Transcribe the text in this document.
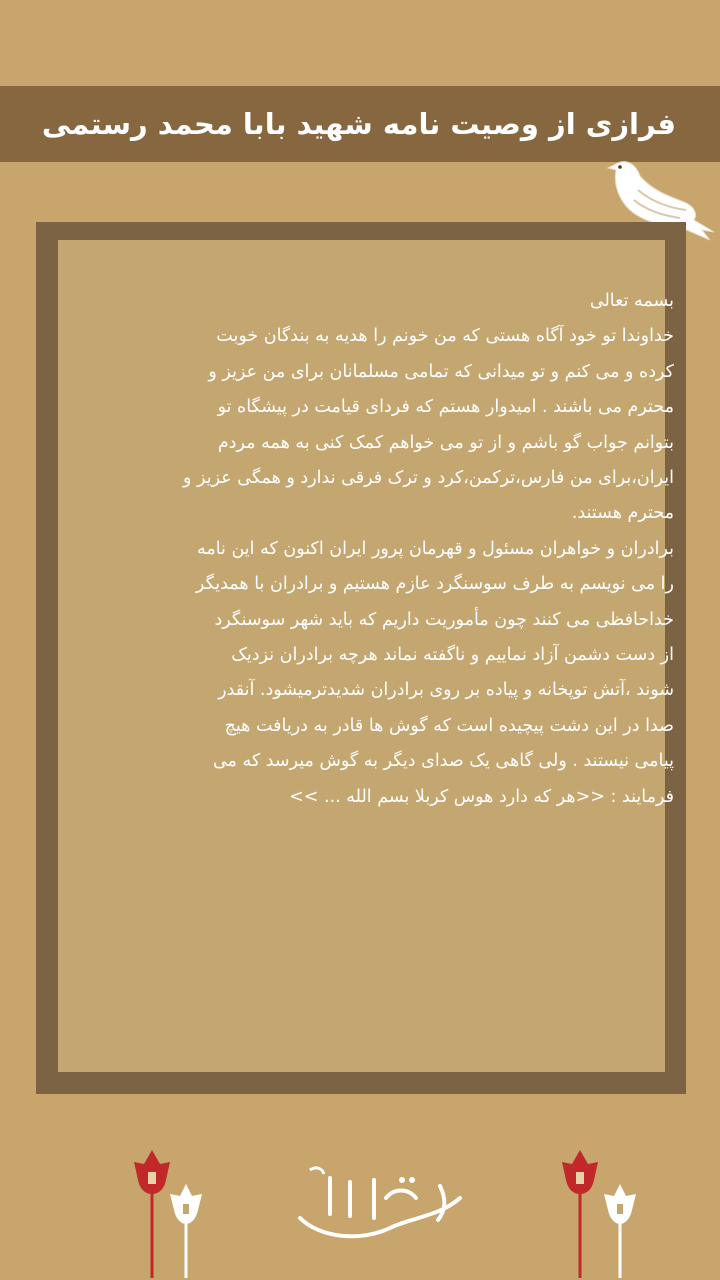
فرازی از وصیت نامه شهید بابا محمد رستمی

بسمه تعالی

خداوندا تو خود آگاه هستی که من خونم را هدیه به بندگان خوبت

کرده و می کنم و تو میدانی که تمامی مسلمانان برای من عزیز و

محترم می باشند . امیدوار هستم که فردای قیامت در پیشگاه تو

بتوانم جواب گو باشم و از تو می خواهم کمک کنی به همه مردم

ایران،برای من فارس،ترکمن،کرد و ترک فرقی ندارد و همگی عزیز و

محترم هستند.

برادران و خواهران مسئول و قهرمان پرور ایران اکنون که این نامه

را می نویسم به طرف سوسنگرد عازم هستیم و برادران با همدیگر

خداحافظی می کنند چون مأموریت داریم که باید شهر سوسنگرد

از دست دشمن آزاد نماییم و ناگفته نماند هرچه برادران نزدیک

شوند ،آتش توپخانه و پیاده بر روی برادران شدیدترمیشود. آنقدر

صدا در این دشت پیچیده است که گوش ها قادر به دریافت هیچ

پیامی نیستند . ولی گاهی یک صدای دیگر به گوش میرسد که می

فرمایند : <<هر که دارد هوس کربلا بسم الله ... >>
